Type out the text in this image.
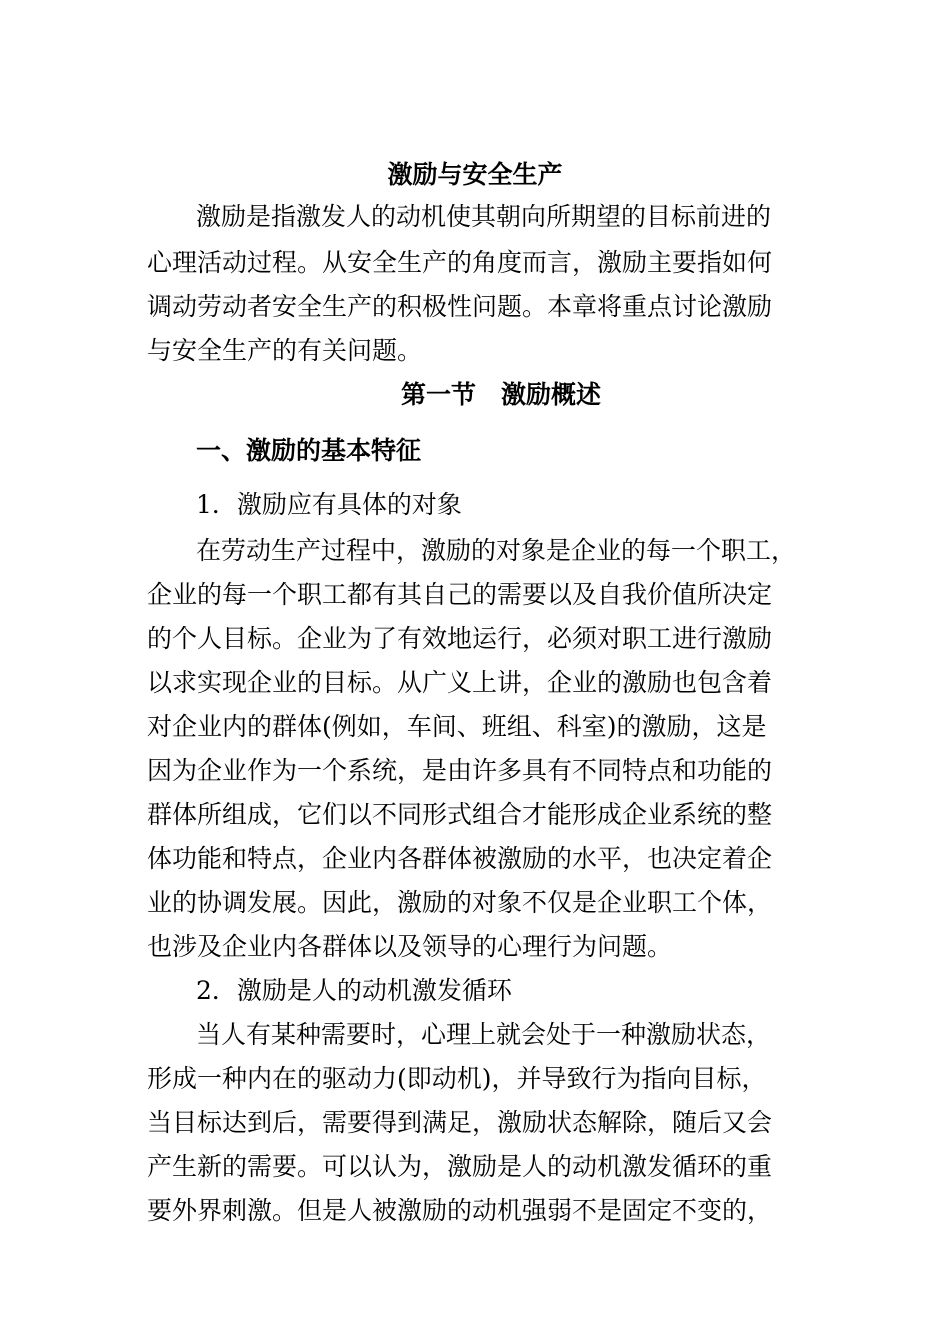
激励与安全生产
激励是指激发人的动机使其朝向所期望的目标前进的
心理活动过程。从安全生产的角度而言，激励主要指如何
调动劳动者安全生产的积极性问题。本章将重点讨论激励
与安全生产的有关问题。
第一节　激励概述
一、激励的基本特征
1．激励应有具体的对象
在劳动生产过程中，激励的对象是企业的每一个职工，
企业的每一个职工都有其自己的需要以及自我价值所决定
的个人目标。企业为了有效地运行，必须对职工进行激励
以求实现企业的目标。从广义上讲，企业的激励也包含着
对企业内的群体(例如，车间、班组、科室)的激励，这是
因为企业作为一个系统，是由许多具有不同特点和功能的
群体所组成，它们以不同形式组合才能形成企业系统的整
体功能和特点，企业内各群体被激励的水平，也决定着企
业的协调发展。因此，激励的对象不仅是企业职工个体，
也涉及企业内各群体以及领导的心理行为问题。
2．激励是人的动机激发循环
当人有某种需要时，心理上就会处于一种激励状态，
形成一种内在的驱动力(即动机)，并导致行为指向目标，
当目标达到后，需要得到满足，激励状态解除，随后又会
产生新的需要。可以认为，激励是人的动机激发循环的重
要外界刺激。但是人被激励的动机强弱不是固定不变的，
